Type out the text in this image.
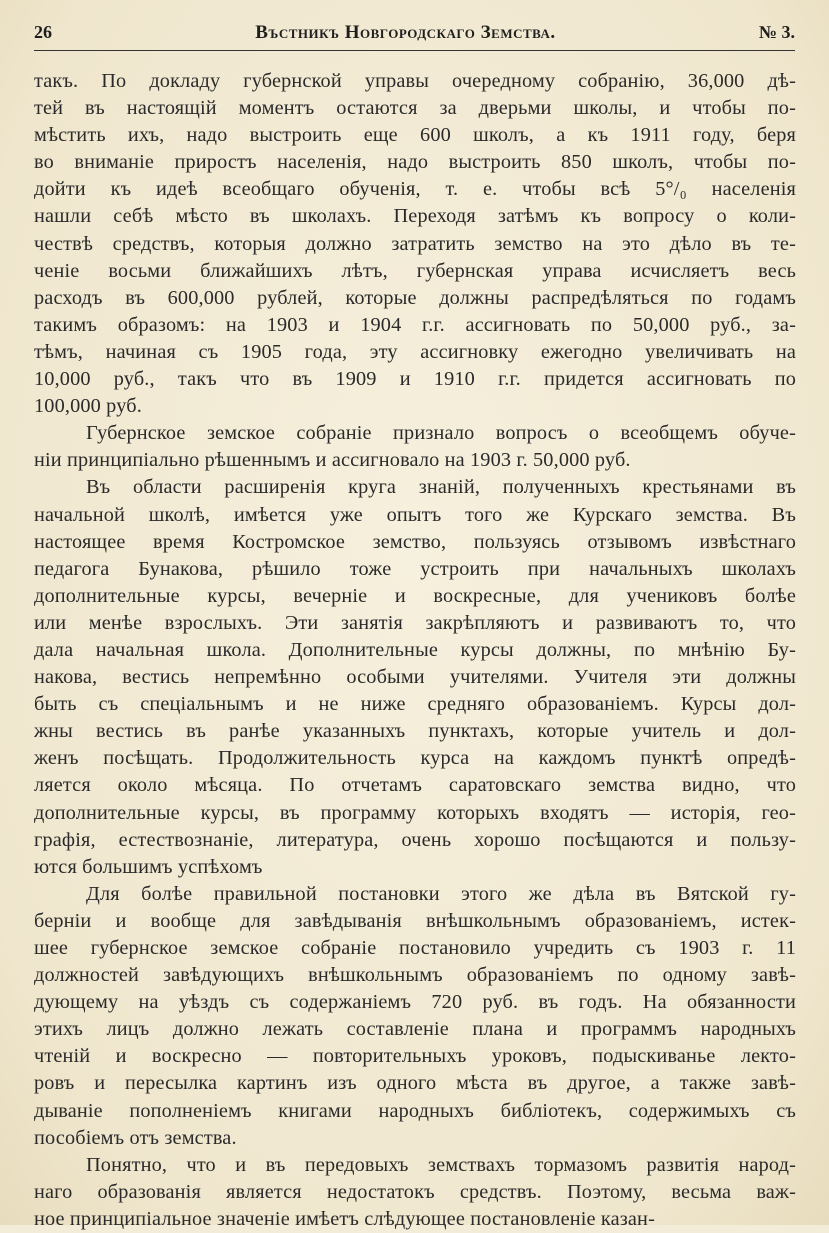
26	Въстникъ Новгородскаго Земства.	№ 3.
такъ. По докладу губернской управы очередному собранію, 36,000 дѣ-
тей въ настоящій моментъ остаются за дверьми школы, и чтобы по-
мѣстить ихъ, надо выстроить еще 600 школъ, а къ 1911 году, беря
во вниманіе приростъ населенія, надо выстроить 850 школъ, чтобы по-
дойти къ идеѣ всеобщаго обученія, т. е. чтобы всѣ 5°/₀ населенія
нашли себѣ мѣсто въ школахъ. Переходя затѣмъ къ вопросу о коли-
чествѣ средствъ, которыя должно затратить земство на это дѣло въ те-
ченіе восьми ближайшихъ лѣтъ, губернская управа исчисляетъ весь
расходъ въ 600,000 рублей, которые должны распредѣляться по годамъ
такимъ образомъ: на 1903 и 1904 г.г. ассигновать по 50,000 руб., за-
тѣмъ, начиная съ 1905 года, эту ассигновку ежегодно увеличивать на
10,000 руб., такъ что въ 1909 и 1910 г.г. придется ассигновать по
100,000 руб.
Губернское земское собраніе признало вопросъ о всеобщемъ обуче-
ніи принципіально рѣшеннымъ и ассигновало на 1903 г. 50,000 руб.
Въ области расширенія круга знаній, полученныхъ крестьянами въ
начальной школѣ, имѣется уже опытъ того же Курскаго земства. Въ
настоящее время Костромское земство, пользуясь отзывомъ извѣстнаго
педагога Бунакова, рѣшило тоже устроить при начальныхъ школахъ
дополнительные курсы, вечерніе и воскресные, для учениковъ болѣе
или менѣе взрослыхъ. Эти занятія закрѣпляютъ и развиваютъ то, что
дала начальная школа. Дополнительные курсы должны, по мнѣнію Бу-
накова, вестись непремѣнно особыми учителями. Учителя эти должны
быть съ спеціальнымъ и не ниже средняго образованіемъ. Курсы дол-
жны вестись въ ранѣе указанныхъ пунктахъ, которые учитель и дол-
женъ посѣщать. Продолжительность курса на каждомъ пунктѣ опредѣ-
ляется около мѣсяца. По отчетамъ саратовскаго земства видно, что
дополнительные курсы, въ программу которыхъ входятъ — исторія, гео-
графія, естествознаніе, литература, очень хорошо посѣщаются и пользу-
ются большимъ успѣхомъ
Для болѣе правильной постановки этого же дѣла въ Вятской гу-
берніи и вообще для завѣдыванія внѣшкольнымъ образованіемъ, истек-
шее губернское земское собраніе постановило учредить съ 1903 г. 11
должностей завѣдующихъ внѣшкольнымъ образованіемъ по одному завѣ-
дующему на уѣздъ съ содержаніемъ 720 руб. въ годъ. На обязанности
этихъ лицъ должно лежать составленіе плана и программъ народныхъ
чтеній и воскресно — повторительныхъ уроковъ, подыскиванье лекто-
ровъ и пересылка картинъ изъ одного мѣста въ другое, а также завѣ-
дываніе пополненіемъ книгами народныхъ библіотекъ, содержимыхъ съ
пособіемъ отъ земства.
Понятно, что и въ передовыхъ земствахъ тормазомъ развитія народ-
наго образованія является недостатокъ средствъ. Поэтому, весьма важ-
ное принципіальное значеніе имѣетъ слѣдующее постановленіе казан-
